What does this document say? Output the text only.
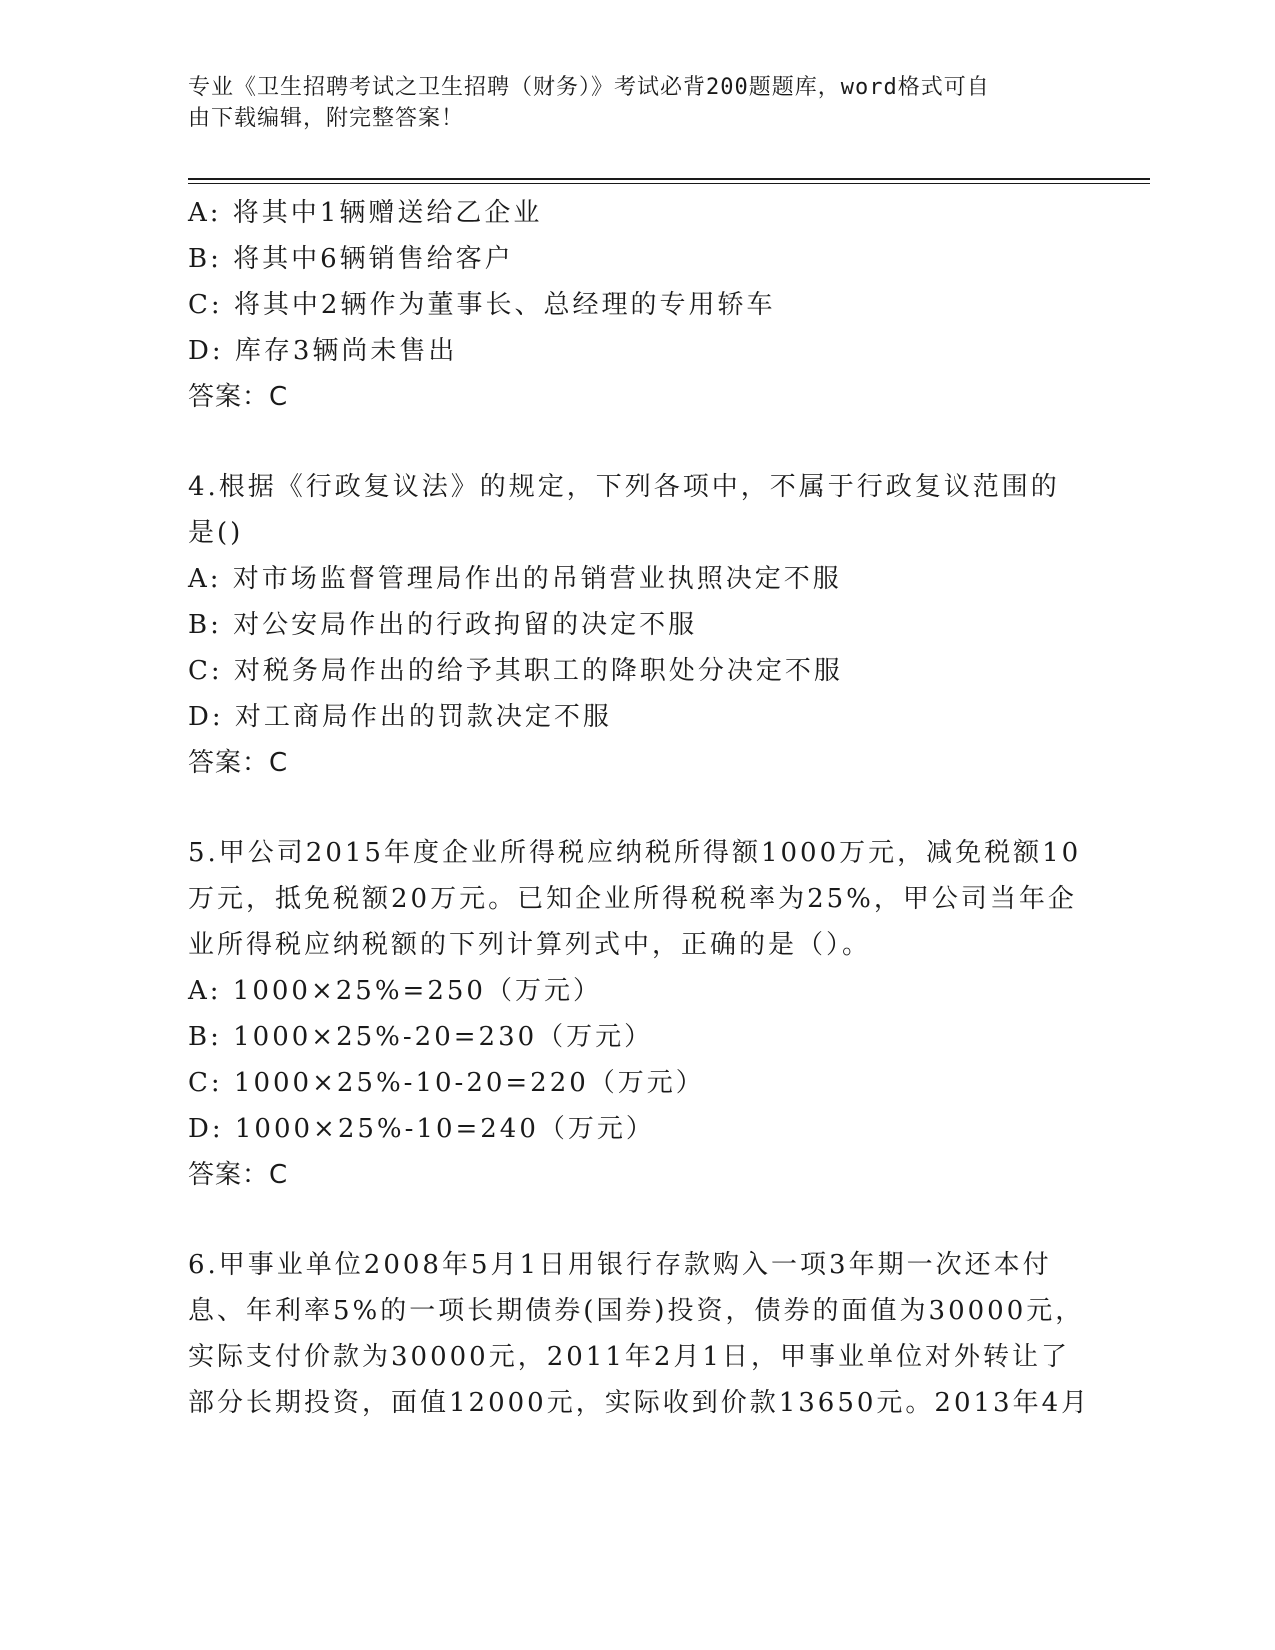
专业《卫生招聘考试之卫生招聘（财务）》考试必背200题题库，word格式可自
由下载编辑，附完整答案！
A: 将其中1辆赠送给乙企业
B: 将其中6辆销售给客户
C: 将其中2辆作为董事长、总经理的专用轿车
D: 库存3辆尚未售出
答案：C
4.根据《行政复议法》的规定，下列各项中，不属于行政复议范围的
是()
A: 对市场监督管理局作出的吊销营业执照决定不服
B: 对公安局作出的行政拘留的决定不服
C: 对税务局作出的给予其职工的降职处分决定不服
D: 对工商局作出的罚款决定不服
答案：C
5.甲公司2015年度企业所得税应纳税所得额1000万元，减免税额10
万元，抵免税额20万元。已知企业所得税税率为25%，甲公司当年企
业所得税应纳税额的下列计算列式中，正确的是（）。
A: 1000×25%=250（万元）
B: 1000×25%-20=230（万元）
C: 1000×25%-10-20=220（万元）
D: 1000×25%-10=240（万元）
答案：C
6.甲事业单位2008年5月1日用银行存款购入一项3年期一次还本付
息、年利率5%的一项长期债券(国券)投资，债券的面值为30000元，
实际支付价款为30000元，2011年2月1日，甲事业单位对外转让了
部分长期投资，面值12000元，实际收到价款13650元。2013年4月
